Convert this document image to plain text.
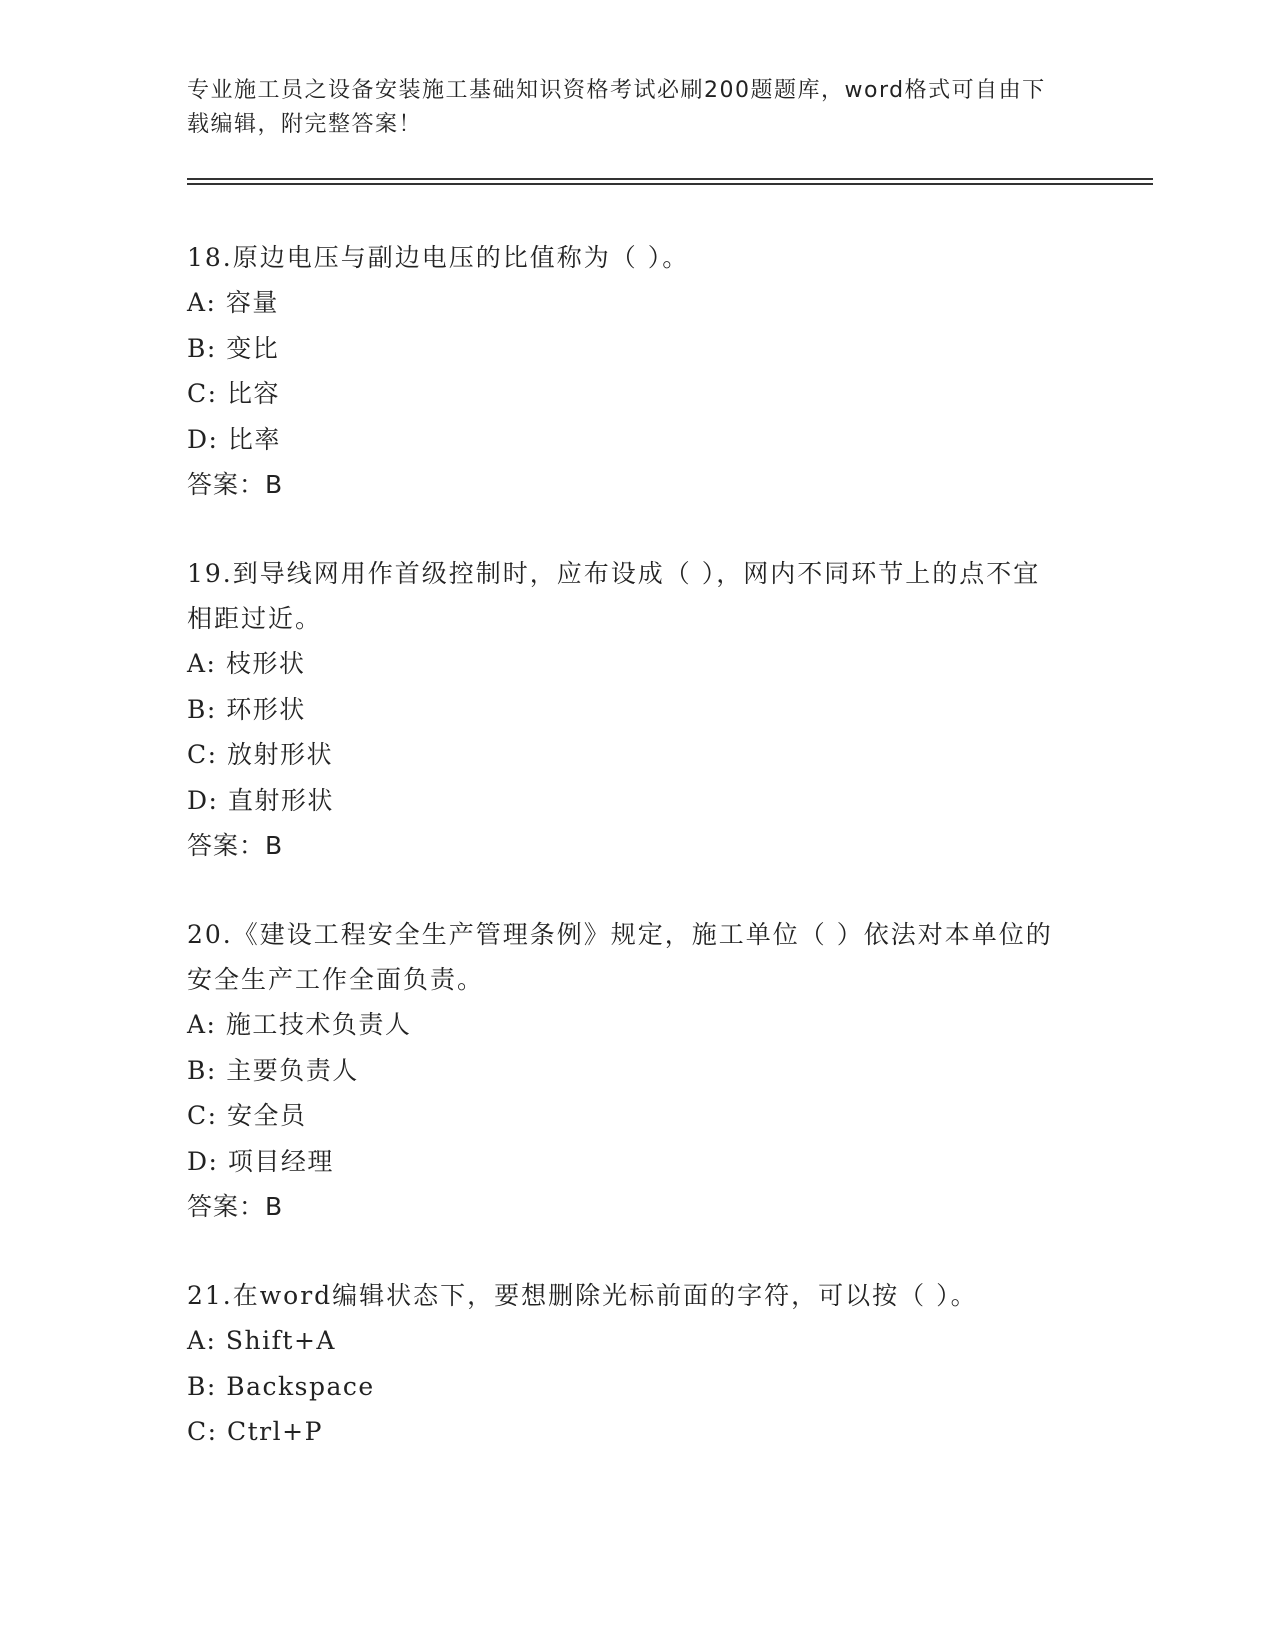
专业施工员之设备安装施工基础知识资格考试必刷200题题库，word格式可自由下载编辑，附完整答案！
18.原边电压与副边电压的比值称为（ ）。
A: 容量
B: 变比
C: 比容
D: 比率
答案：B
19.到导线网用作首级控制时，应布设成（ ），网内不同环节上的点不宜相距过近。
A: 枝形状
B: 环形状
C: 放射形状
D: 直射形状
答案：B
20.《建设工程安全生产管理条例》规定，施工单位（ ）依法对本单位的安全生产工作全面负责。
A: 施工技术负责人
B: 主要负责人
C: 安全员
D: 项目经理
答案：B
21.在word编辑状态下，要想删除光标前面的字符，可以按（ ）。
A: Shift+A
B: Backspace
C: Ctrl+P
